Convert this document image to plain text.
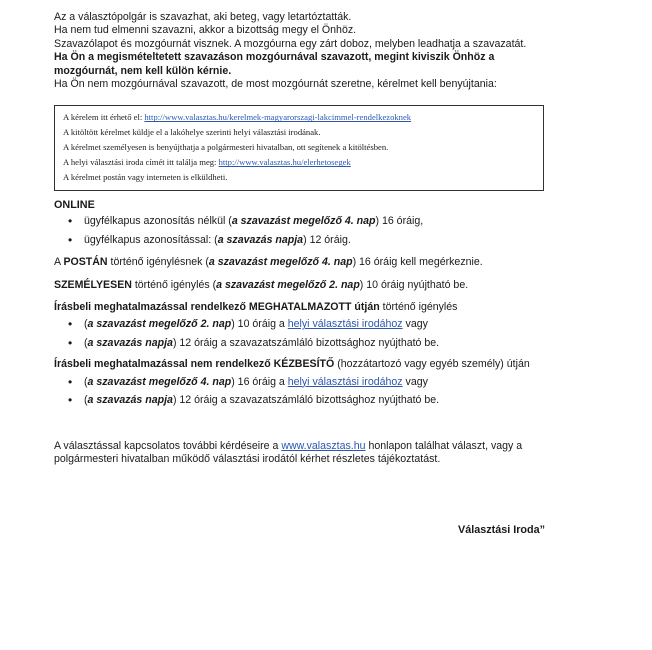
Az a választópolgár is szavazhat, aki beteg, vagy letartóztatták.

Ha nem tud elmenni szavazni, akkor a bizottság megy el Önhöz.

Szavazólapot és mozgóurnát visznek. A mozgóurna egy zárt doboz, melyben leadhatja a szavazatát.

Ha Ön a megismételtetett szavazáson mozgóurnával szavazott, megint kiviszik Önhöz a mozgóurnát, nem kell külön kérnie.

Ha Ön nem mozgóurnával szavazott, de most mozgóurnát szeretne, kérelmet kell benyújtania:

A kérelem itt érhető el: http://www.valasztas.hu/kerelmek-magyarorszagi-lakcimmel-rendelkezoknek

A kitöltött kérelmet küldje el a lakóhelye szerinti helyi választási irodának.

A kérelmet személyesen is benyújthatja a polgármesteri hivatalban, ott segítenek a kitöltésben.

A helyi választási iroda címét itt találja meg: http://www.valasztas.hu/elerhetosegek

A kérelmet postán vagy interneten is elküldheti.

ONLINE
• ügyfélkapus azonosítás nélkül (a szavazást megelőző 4. nap) 16 óráig,
• ügyfélkapus azonosítással: (a szavazás napja) 12 óráig.

A POSTÁN történő igénylésnek (a szavazást megelőző 4. nap) 16 óráig kell megérkeznie.

SZEMÉLYESEN történő igénylés (a szavazást megelőző 2. nap) 10 óráig nyújtható be.

Írásbeli meghatalmazással rendelkező MEGHATALMAZOTT útján történő igénylés

• (a szavazást megelőző 2. nap) 10 óráig a helyi választási irodához vagy
• (a szavazás napja) 12 óráig a szavazatszámláló bizottsághoz nyújtható be.

Írásbeli meghatalmazással nem rendelkező KÉZBESÍTŐ (hozzátartozó vagy egyéb személy) útján

• (a szavazást megelőző 4. nap) 16 óráig a helyi választási irodához vagy
• (a szavazás napja) 12 óráig a szavazatszámláló bizottsághoz nyújtható be.

A választással kapcsolatos további kérdéseire a www.valasztas.hu honlapon találhat választ, vagy a polgármesteri hivatalban működő választási irodától kérhet részletes tájékoztatást.

Választási Iroda”
